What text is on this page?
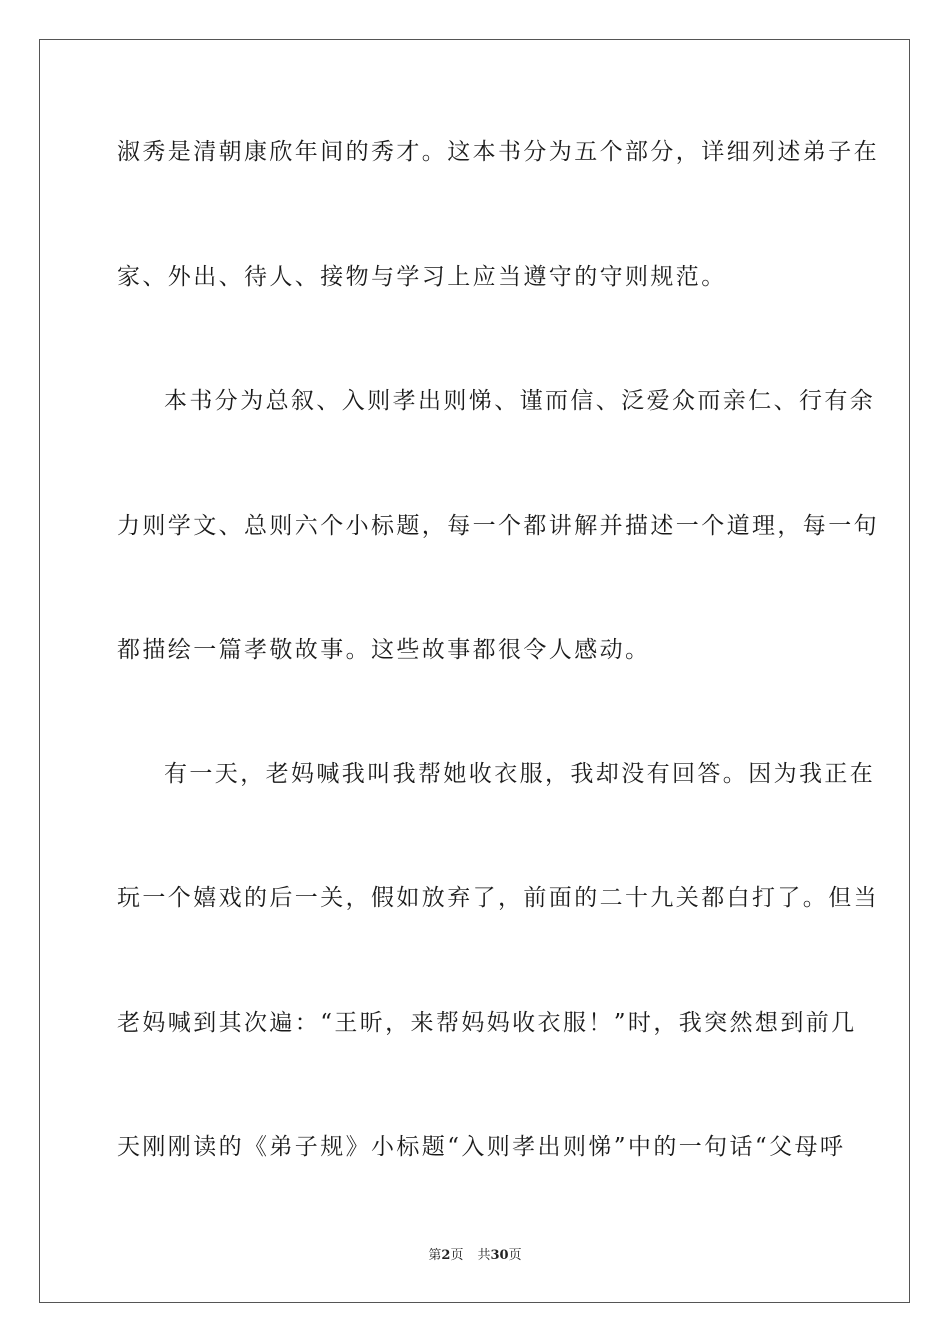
淑秀是清朝康欣年间的秀才。这本书分为五个部分，详细列述弟子在
家、外出、待人、接物与学习上应当遵守的守则规范。
本书分为总叙、入则孝出则悌、谨而信、泛爱众而亲仁、行有余
力则学文、总则六个小标题，每一个都讲解并描述一个道理，每一句
都描绘一篇孝敬故事。这些故事都很令人感动。
有一天，老妈喊我叫我帮她收衣服，我却没有回答。因为我正在
玩一个嬉戏的后一关，假如放弃了，前面的二十九关都白打了。但当
老妈喊到其次遍：“王昕，来帮妈妈收衣服！”时，我突然想到前几
天刚刚读的《弟子规》小标题“入则孝出则悌”中的一句话“父母呼
第2页 共30页
